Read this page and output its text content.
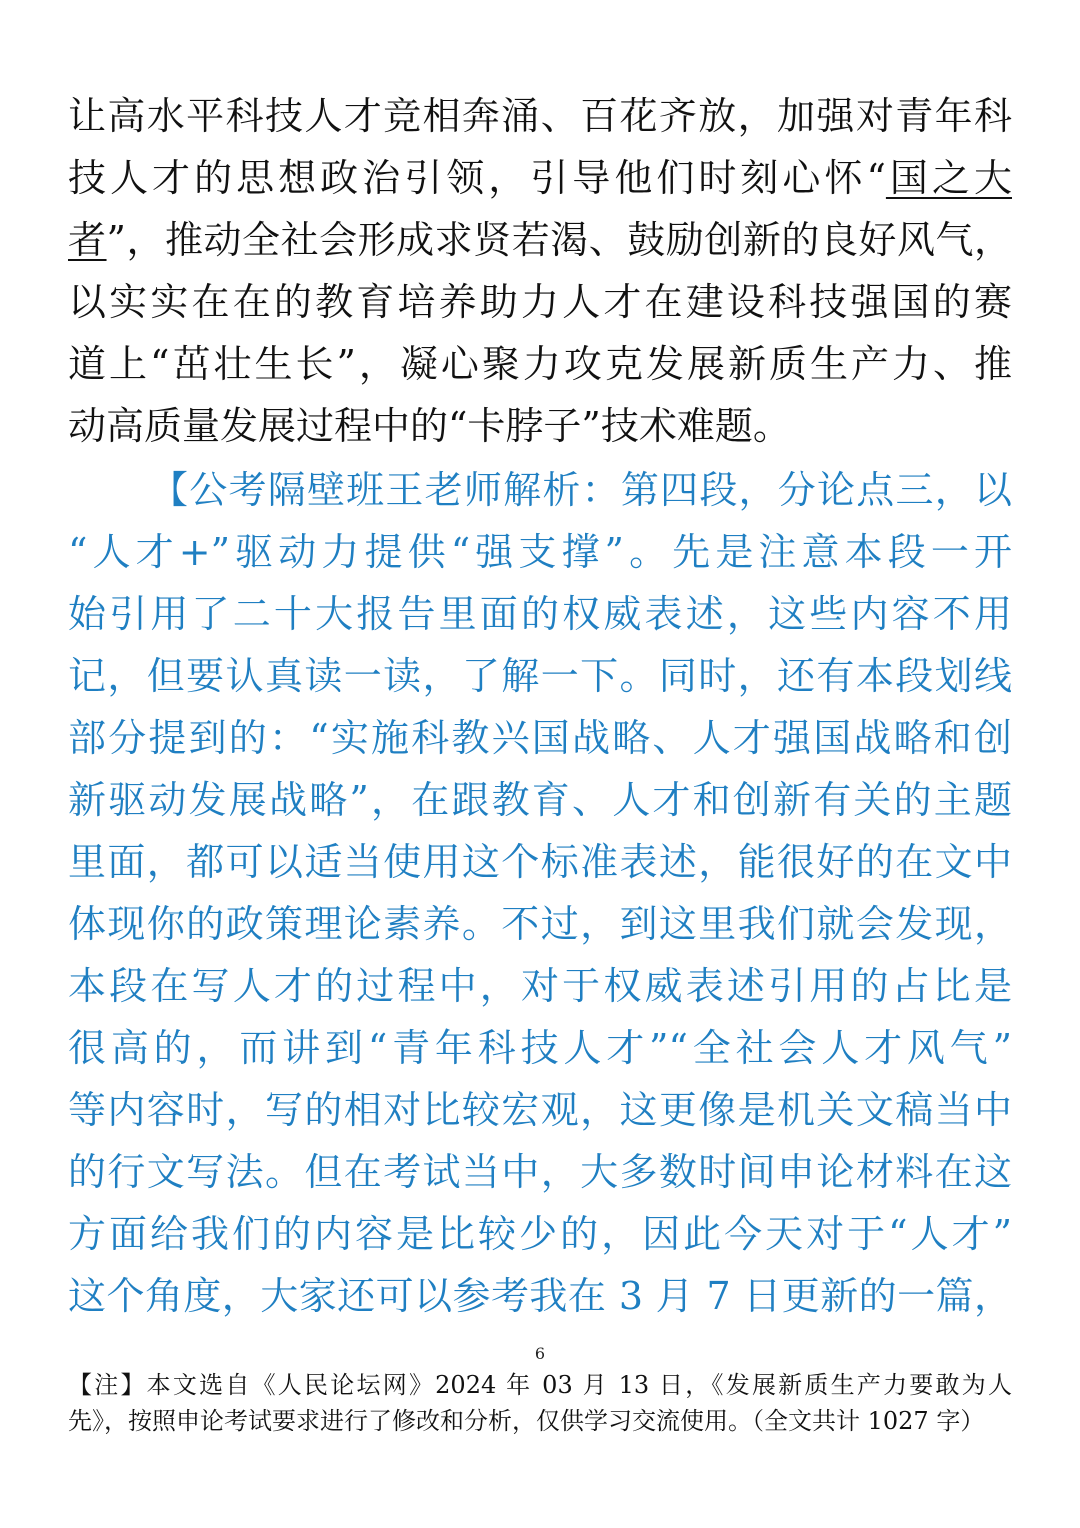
让高水平科技人才竞相奔涌、百花齐放，加强对青年科
技人才的思想政治引领，引导他们时刻心怀“国之大
者”，推动全社会形成求贤若渴、鼓励创新的良好风气，
以实实在在的教育培养助力人才在建设科技强国的赛
道上“茁壮生长”，凝心聚力攻克发展新质生产力、推
动高质量发展过程中的“卡脖子”技术难题。
【公考隔壁班王老师解析：第四段，分论点三，以
“人才+”驱动力提供“强支撑”。先是注意本段一开
始引用了二十大报告里面的权威表述，这些内容不用
记，但要认真读一读，了解一下。同时，还有本段划线
部分提到的：“实施科教兴国战略、人才强国战略和创
新驱动发展战略”，在跟教育、人才和创新有关的主题
里面，都可以适当使用这个标准表述，能很好的在文中
体现你的政策理论素养。不过，到这里我们就会发现，
本段在写人才的过程中，对于权威表述引用的占比是
很高的，而讲到“青年科技人才”“全社会人才风气”
等内容时，写的相对比较宏观，这更像是机关文稿当中
的行文写法。但在考试当中，大多数时间申论材料在这
方面给我们的内容是比较少的，因此今天对于“人才”
这个角度，大家还可以参考我在 3 月 7 日更新的一篇，
6
【注】本文选自《人民论坛网》2024 年 03 月 13 日，《发展新质生产力要敢为人
先》，按照申论考试要求进行了修改和分析，仅供学习交流使用。（全文共计 1027 字）
